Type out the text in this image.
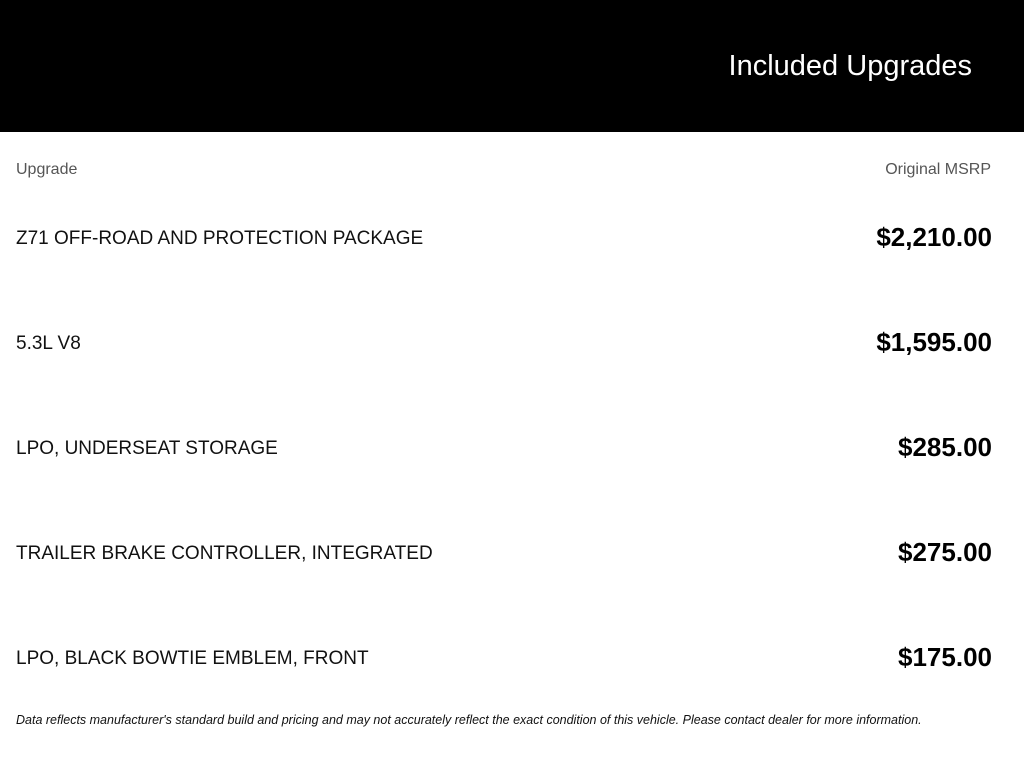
Included Upgrades
Upgrade	Original MSRP
Z71 OFF-ROAD AND PROTECTION PACKAGE	$2,210.00
5.3L V8	$1,595.00
LPO, UNDERSEAT STORAGE	$285.00
TRAILER BRAKE CONTROLLER, INTEGRATED	$275.00
LPO, BLACK BOWTIE EMBLEM, FRONT	$175.00
Data reflects manufacturer's standard build and pricing and may not accurately reflect the exact condition of this vehicle. Please contact dealer for more information.
